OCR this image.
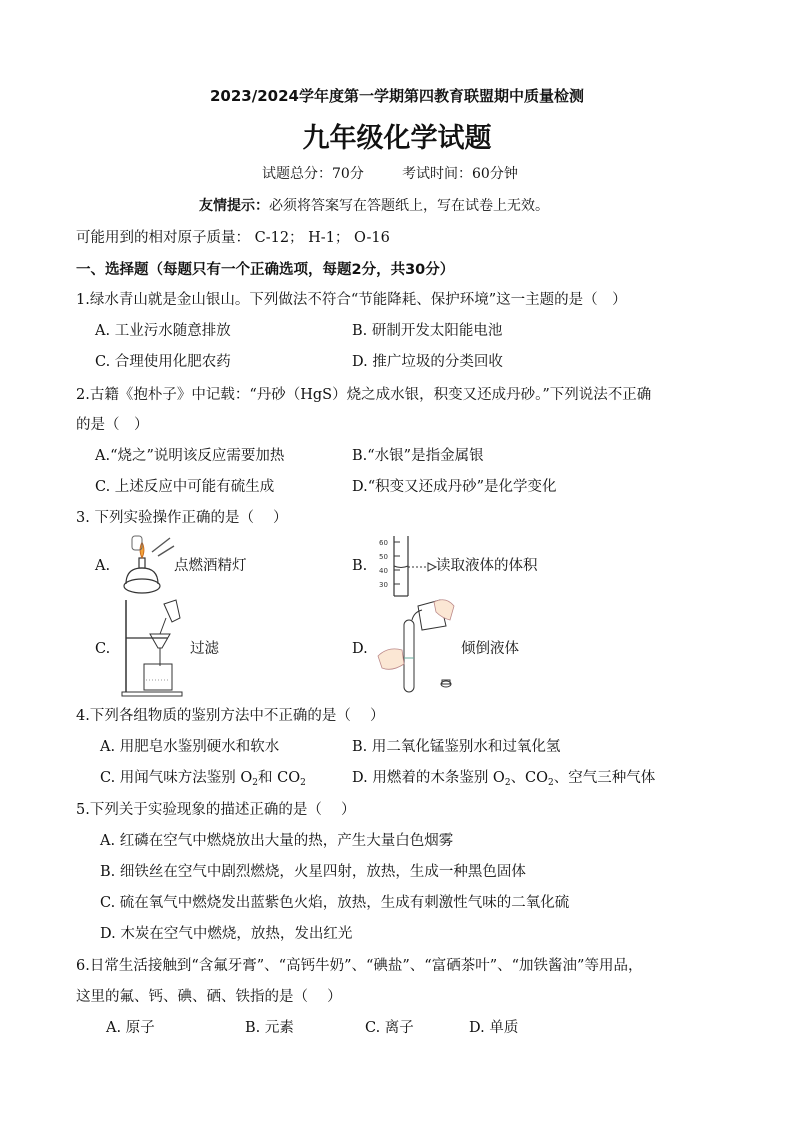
2023/2024学年度第一学期第四教育联盟期中质量检测
九年级化学试题
试题总分：70分	考试时间：60分钟
友情提示：必须将答案写在答题纸上，写在试卷上无效。
可能用到的相对原子质量： C-12； H-1； O-16
一、选择题（每题只有一个正确选项，每题2分，共30分）
1.绿水青山就是金山银山。下列做法不符合“节能降耗、保护环境”这一主题的是（　）
A. 工业污水随意排放	B. 研制开发太阳能电池
C. 合理使用化肥农药	D. 推广垃圾的分类回收
2.古籍《抱朴子》中记载：“丹砂（HgS）烧之成水银，积变又还成丹砂。”下列说法不正确
的是（　）
A.“烧之”说明该反应需要加热	B.“水银”是指金属银
C. 上述反应中可能有硫生成	D.“积变又还成丹砂”是化学变化
3. 下列实验操作正确的是（　 ）
A.	点燃酒精灯	B.
60
50
40
30
读取液体的体积
C.	过滤	D.	倾倒液体
4.下列各组物质的鉴别方法中不正确的是（　 ）
A. 用肥皂水鉴别硬水和软水	B. 用二氧化锰鉴别水和过氧化氢
C. 用闻气味方法鉴别 $O_2$和 $CO_2$	D. 用燃着的木条鉴别 $O_2$、$CO_2$、空气三种气体
5.下列关于实验现象的描述正确的是（　 ）
A. 红磷在空气中燃烧放出大量的热，产生大量白色烟雾
B. 细铁丝在空气中剧烈燃烧，火星四射，放热，生成一种黑色固体
C. 硫在氧气中燃烧发出蓝紫色火焰，放热，生成有刺激性气味的二氧化硫
D. 木炭在空气中燃烧，放热，发出红光
6.日常生活接触到“含氟牙膏”、“高钙牛奶”、“碘盐”、“富硒茶叶”、“加铁酱油”等用品，
这里的氟、钙、碘、硒、铁指的是（　 ）
A. 原子	B. 元素	C. 离子	D. 单质
